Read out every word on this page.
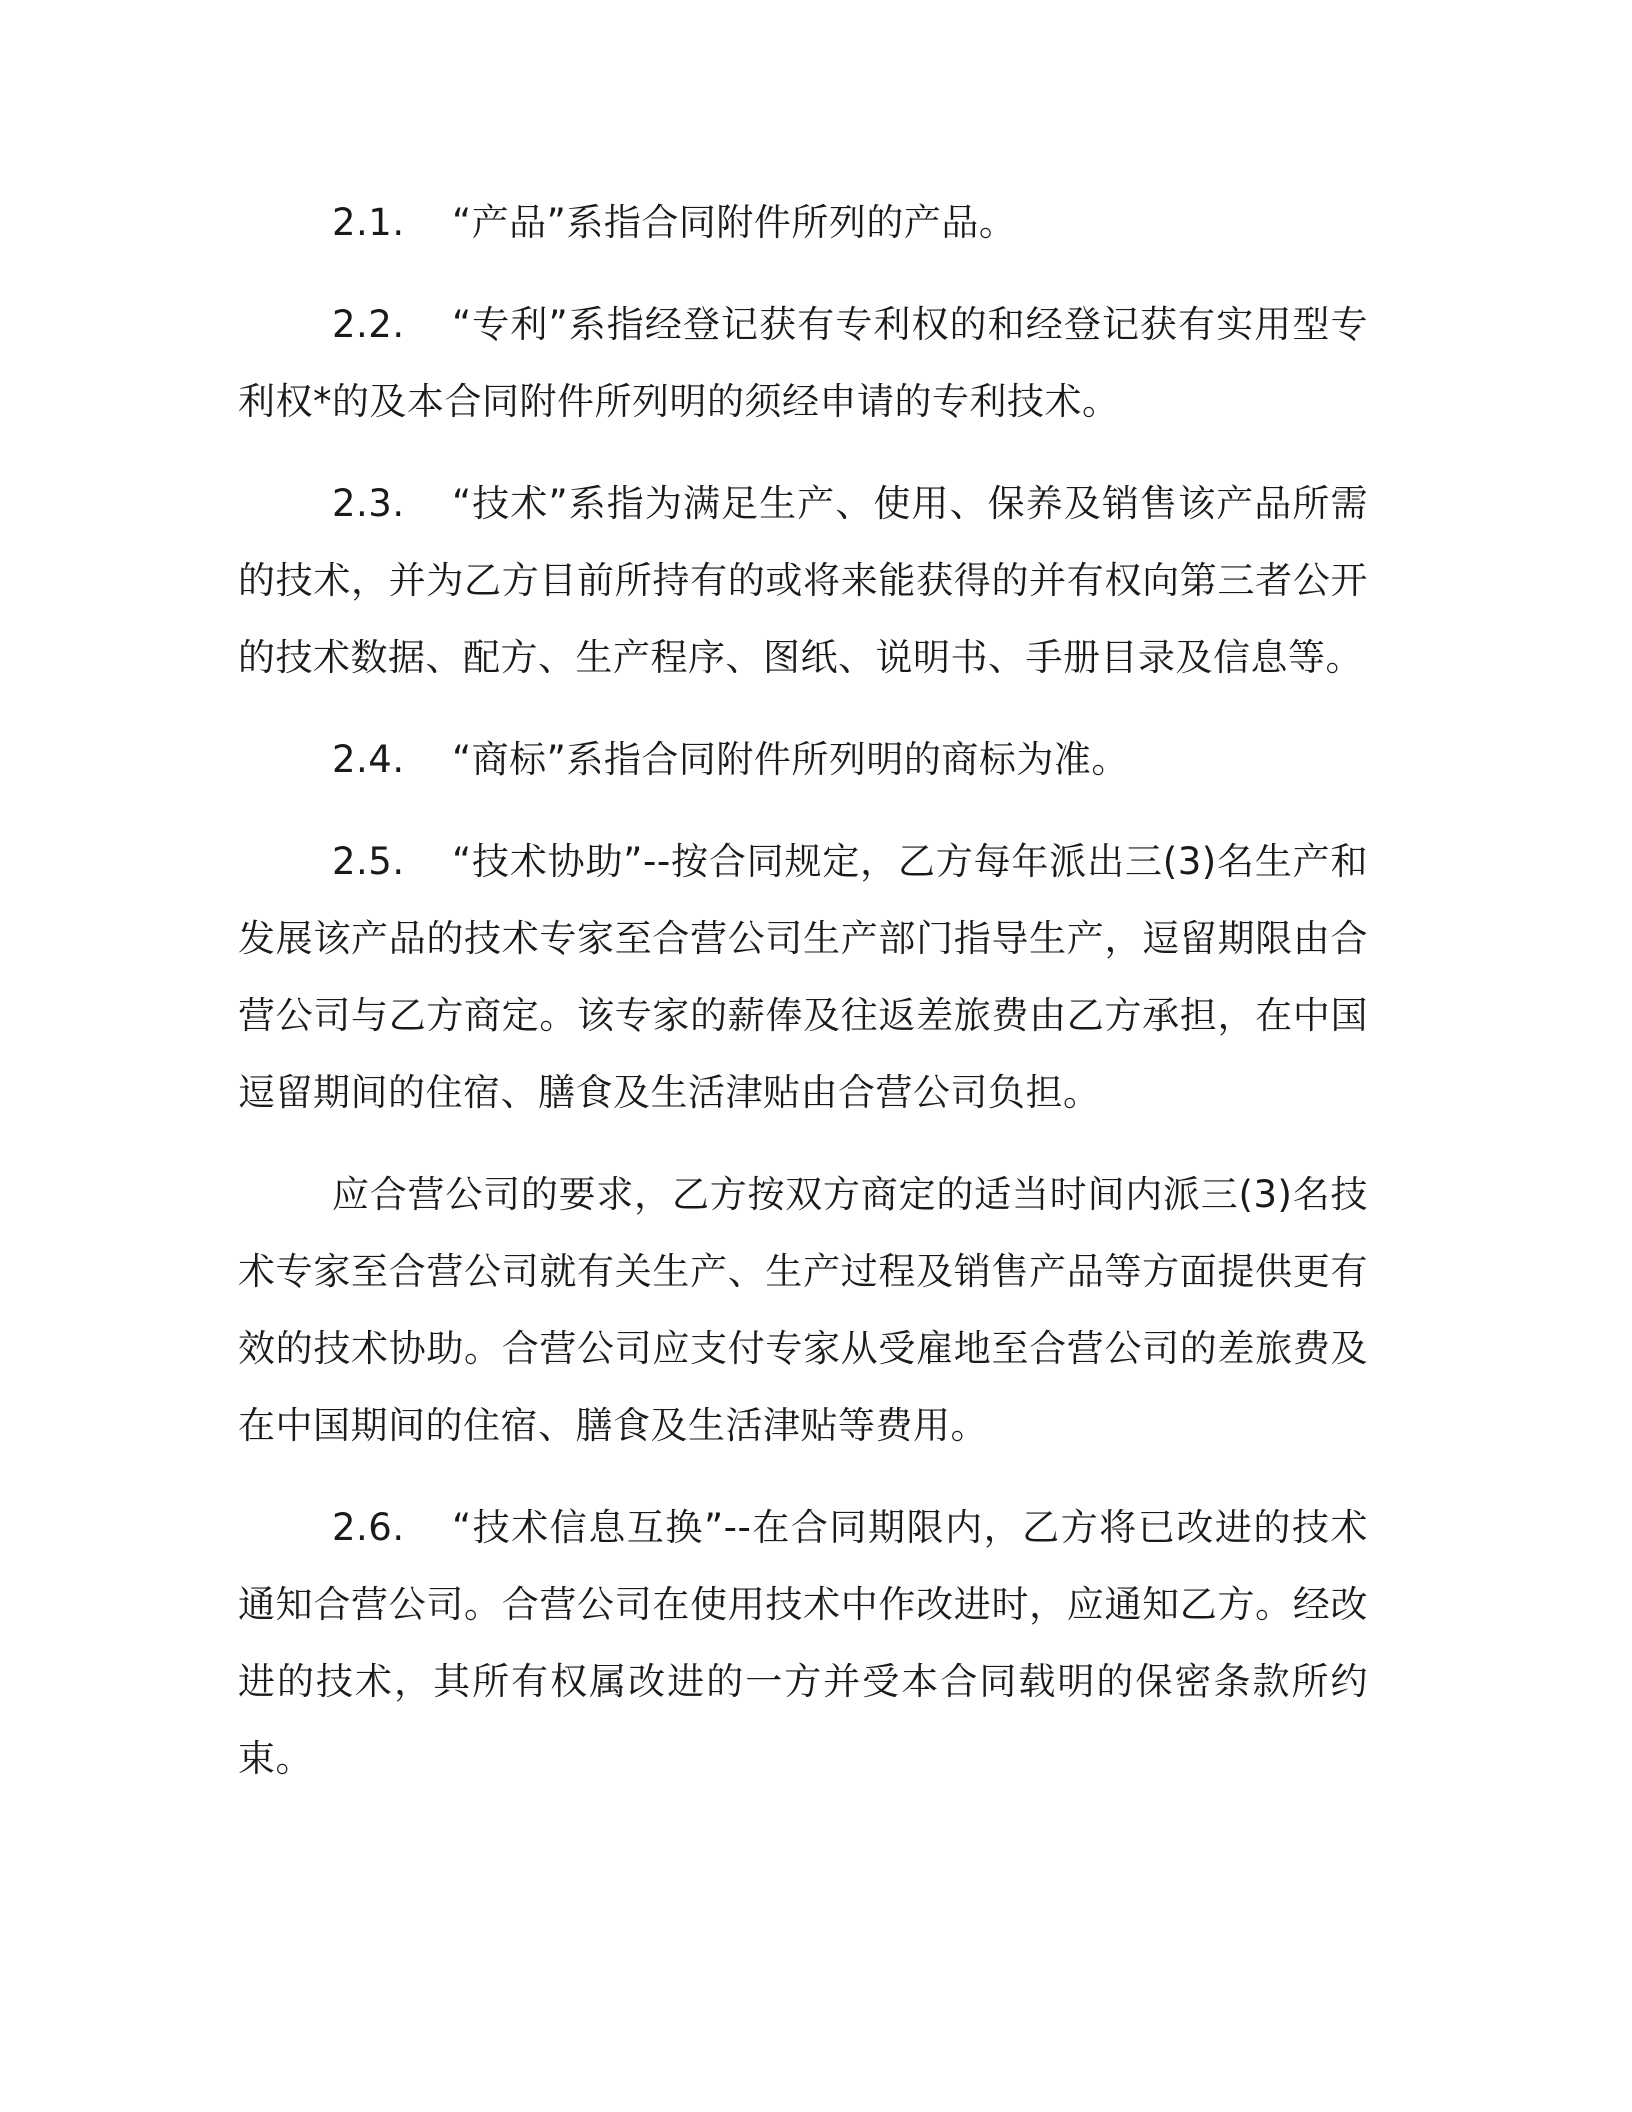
2.1. “产品”系指合同附件所列的产品。

2.2. “专利”系指经登记获有专利权的和经登记获有实用型专利权*的及本合同附件所列明的须经申请的专利技术。

2.3. “技术”系指为满足生产、使用、保养及销售该产品所需的技术，并为乙方目前所持有的或将来能获得的并有权向第三者公开的技术数据、配方、生产程序、图纸、说明书、手册目录及信息等。

2.4. “商标”系指合同附件所列明的商标为准。

2.5. “技术协助”--按合同规定，乙方每年派出三(3)名生产和发展该产品的技术专家至合营公司生产部门指导生产，逗留期限由合营公司与乙方商定。该专家的薪俸及往返差旅费由乙方承担，在中国逗留期间的住宿、膳食及生活津贴由合营公司负担。

应合营公司的要求，乙方按双方商定的适当时间内派三(3)名技术专家至合营公司就有关生产、生产过程及销售产品等方面提供更有效的技术协助。合营公司应支付专家从受雇地至合营公司的差旅费及在中国期间的住宿、膳食及生活津贴等费用。

2.6. “技术信息互换”--在合同期限内，乙方将已改进的技术通知合营公司。合营公司在使用技术中作改进时，应通知乙方。经改进的技术，其所有权属改进的一方并受本合同载明的保密条款所约束。
